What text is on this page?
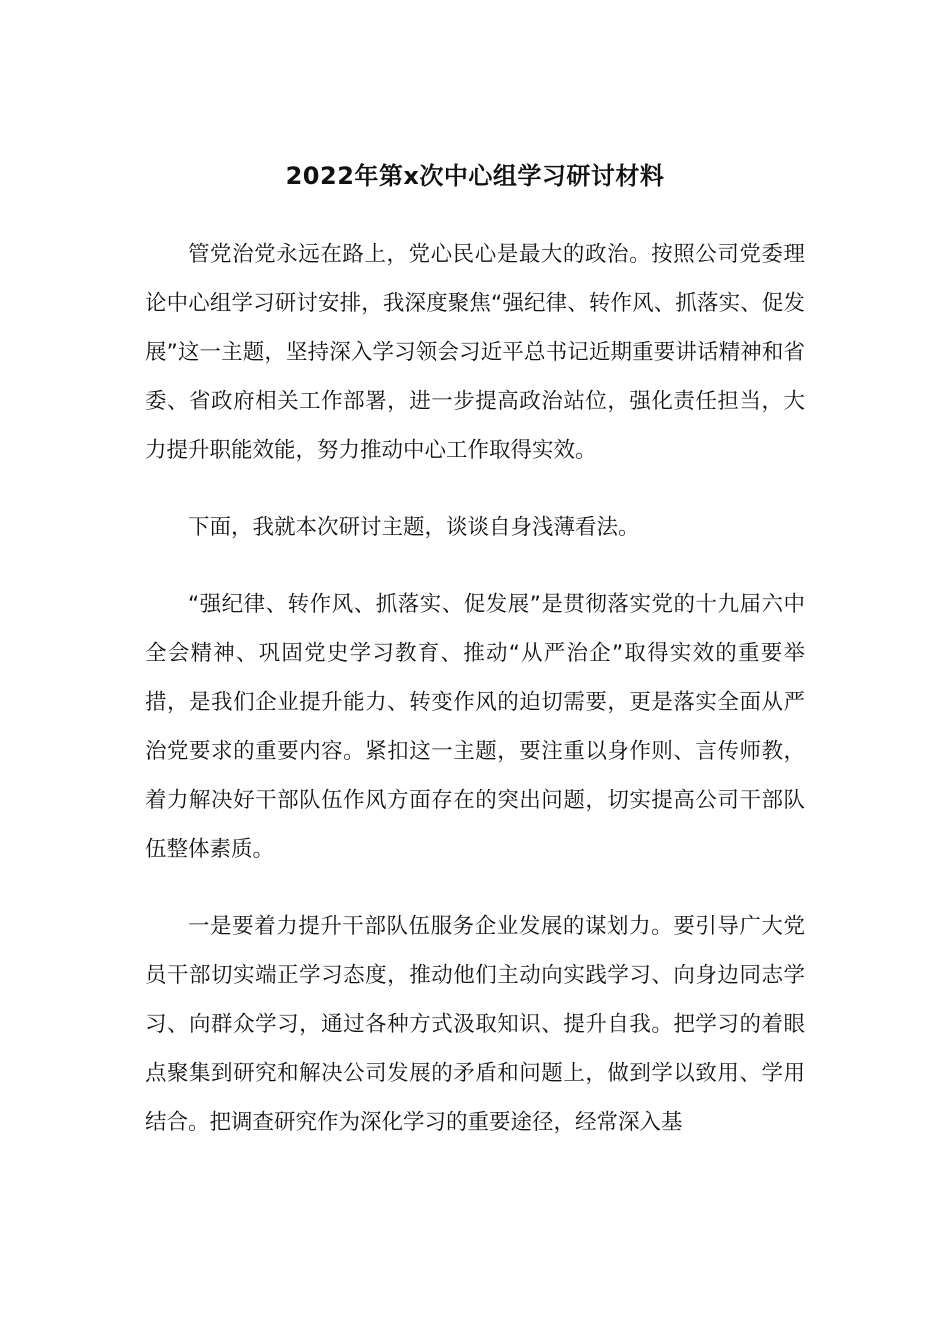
2022年第x次中心组学习研讨材料

管党治党永远在路上，党心民心是最大的政治。按照公司党委理论中心组学习研讨安排，我深度聚焦“强纪律、转作风、抓落实、促发展”这一主题，坚持深入学习领会习近平总书记近期重要讲话精神和省委、省政府相关工作部署，进一步提高政治站位，强化责任担当，大力提升职能效能，努力推动中心工作取得实效。

下面，我就本次研讨主题，谈谈自身浅薄看法。

“强纪律、转作风、抓落实、促发展”是贯彻落实党的十九届六中全会精神、巩固党史学习教育、推动“从严治企”取得实效的重要举措，是我们企业提升能力、转变作风的迫切需要，更是落实全面从严治党要求的重要内容。紧扣这一主题，要注重以身作则、言传师教，着力解决好干部队伍作风方面存在的突出问题，切实提高公司干部队伍整体素质。

一是要着力提升干部队伍服务企业发展的谋划力。要引导广大党员干部切实端正学习态度，推动他们主动向实践学习、向身边同志学习、向群众学习，通过各种方式汲取知识、提升自我。把学习的着眼点聚集到研究和解决公司发展的矛盾和问题上，做到学以致用、学用结合。把调查研究作为深化学习的重要途径，经常深入基
